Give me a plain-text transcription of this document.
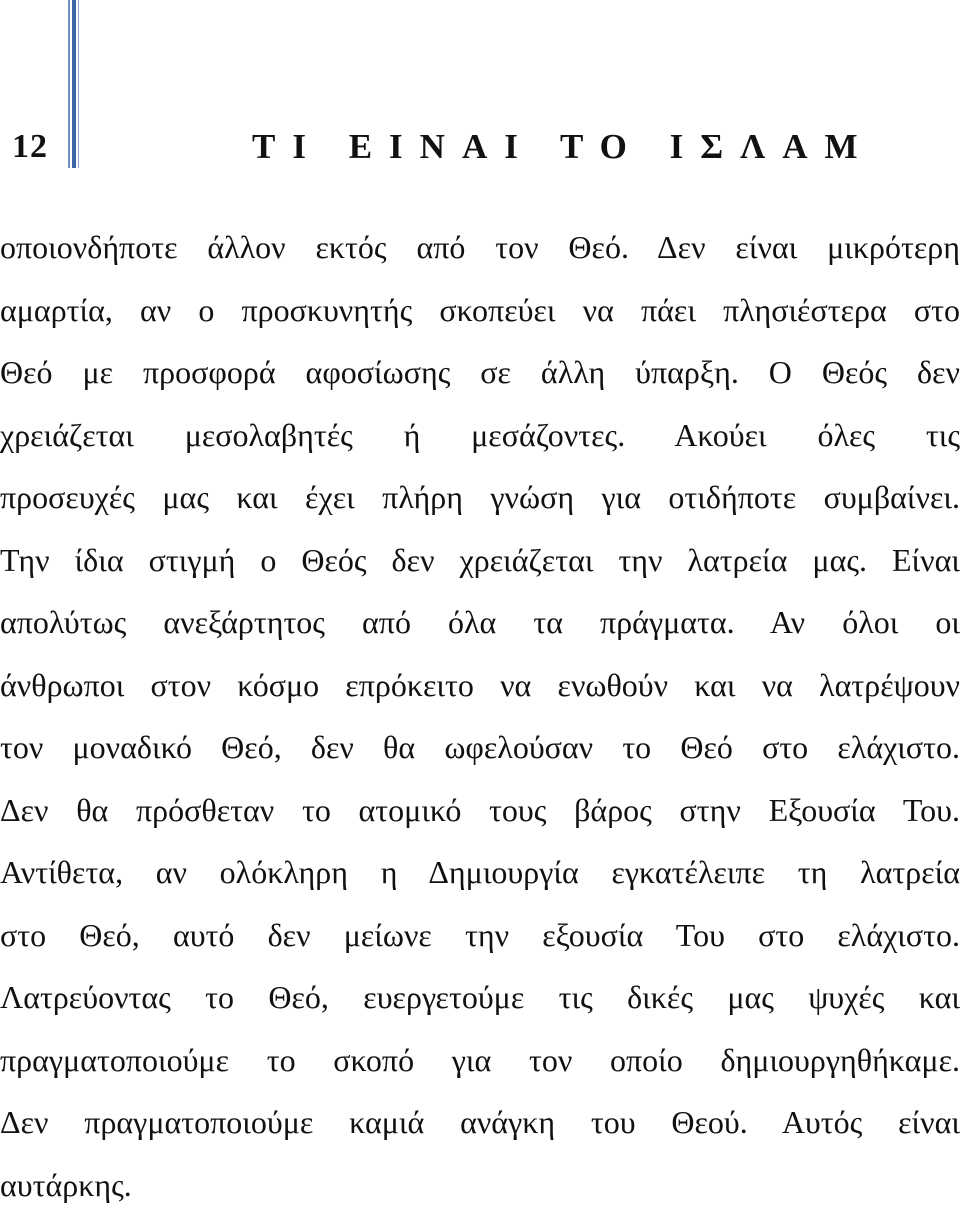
12	ΤΙ ΕΙΝΑΙ ΤΟ ΙΣΛΑΜ
οποιονδήποτε άλλον εκτός από τον Θεό. Δεν είναι μικρότερη
αμαρτία, αν ο προσκυνητής σκοπεύει να πάει πλησιέστερα στο
Θεό με προσφορά αφοσίωσης σε άλλη ύπαρξη. Ο Θεός δεν
χρειάζεται μεσολαβητές ή μεσάζοντες. Ακούει όλες τις
προσευχές μας και έχει πλήρη γνώση για οτιδήποτε συμβαίνει.
Την ίδια στιγμή ο Θεός δεν χρειάζεται την λατρεία μας. Είναι
απολύτως ανεξάρτητος από όλα τα πράγματα. Αν όλοι οι
άνθρωποι στον κόσμο επρόκειτο να ενωθούν και να λατρέψουν
τον μοναδικό Θεό, δεν θα ωφελούσαν το Θεό στο ελάχιστο.
Δεν θα πρόσθεταν το ατομικό τους βάρος στην Εξουσία Του.
Αντίθετα, αν ολόκληρη η Δημιουργία εγκατέλειπε τη λατρεία
στο Θεό, αυτό δεν μείωνε την εξουσία Του στο ελάχιστο.
Λατρεύοντας το Θεό, ευεργετούμε τις δικές μας ψυχές και
πραγματοποιούμε το σκοπό για τον οποίο δημιουργηθήκαμε.
Δεν πραγματοποιούμε καμιά ανάγκη του Θεού. Αυτός είναι
αυτάρκης.
